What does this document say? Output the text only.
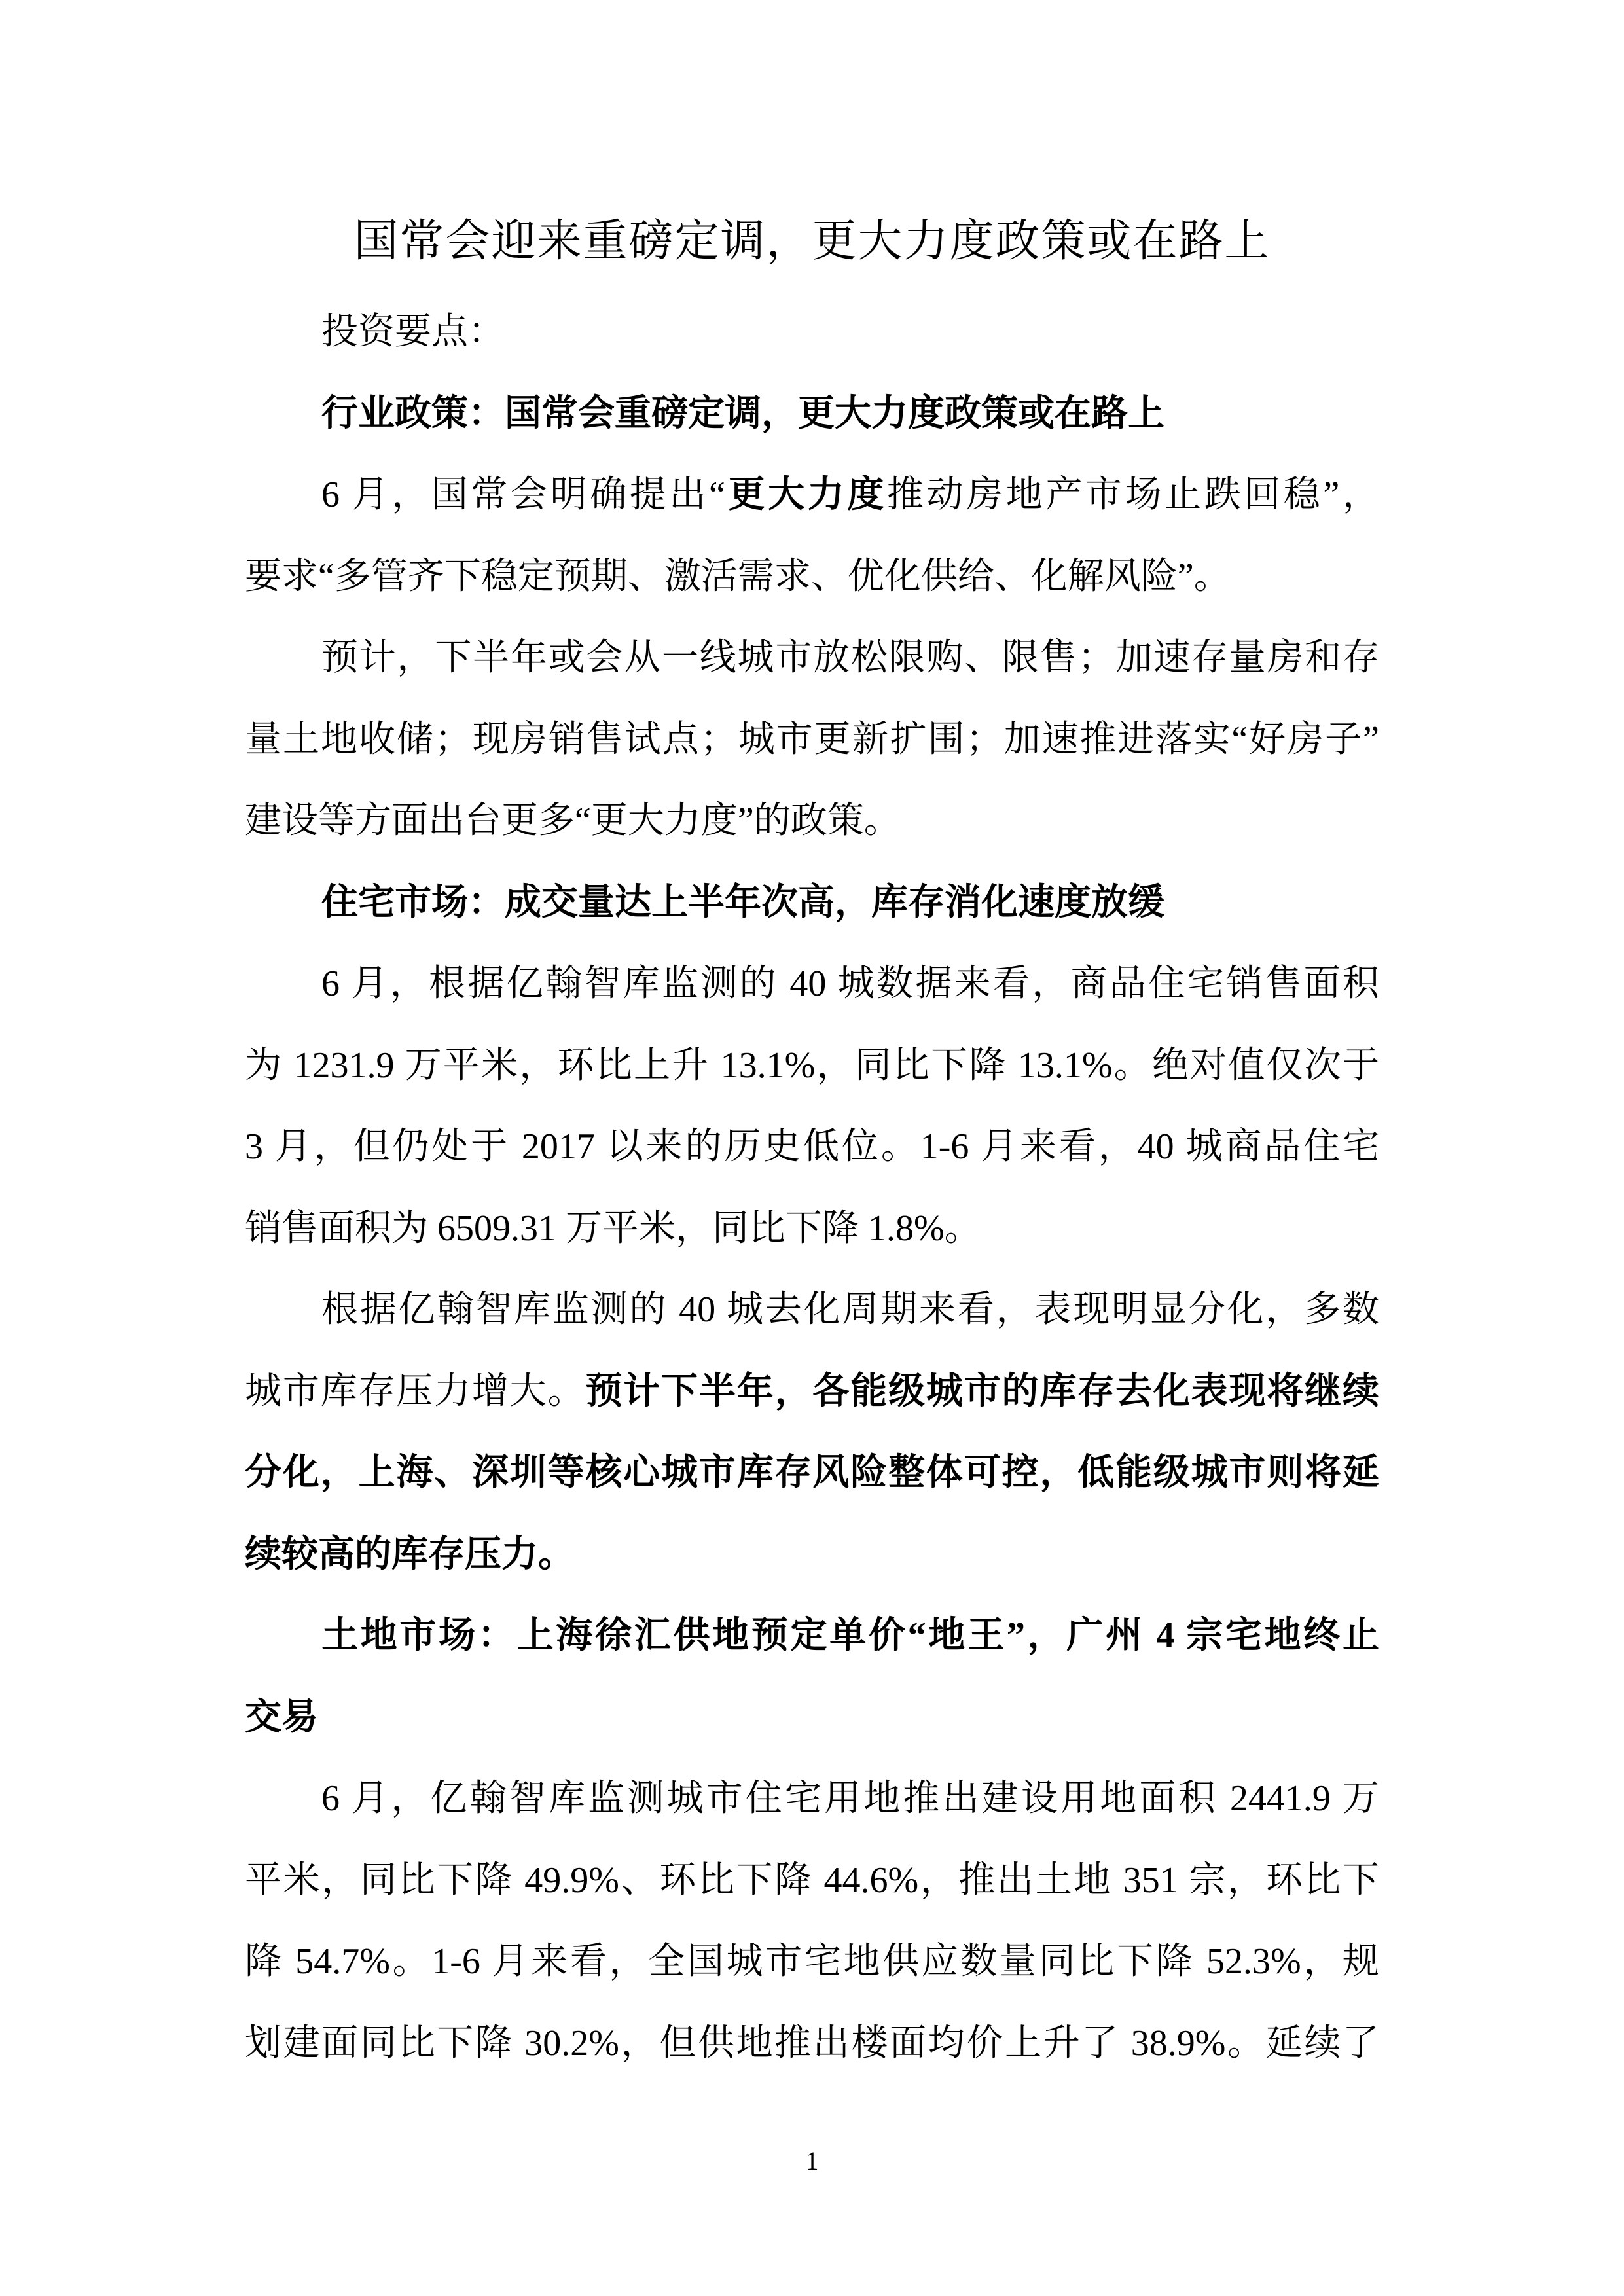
国常会迎来重磅定调，更大力度政策或在路上
投资要点：
行业政策：国常会重磅定调，更大力度政策或在路上
6 月，国常会明确提出“更大力度推动房地产市场止跌回稳”，
要求“多管齐下稳定预期、激活需求、优化供给、化解风险”。
预计，下半年或会从一线城市放松限购、限售；加速存量房和存
量土地收储；现房销售试点；城市更新扩围；加速推进落实“好房子”
建设等方面出台更多“更大力度”的政策。
住宅市场：成交量达上半年次高，库存消化速度放缓
6 月，根据亿翰智库监测的 40 城数据来看，商品住宅销售面积
为 1231.9 万平米，环比上升 13.1%，同比下降 13.1%。绝对值仅次于
3 月，但仍处于 2017 以来的历史低位。1-6 月来看，40 城商品住宅
销售面积为 6509.31 万平米，同比下降 1.8%。
根据亿翰智库监测的 40 城去化周期来看，表现明显分化，多数
城市库存压力增大。预计下半年，各能级城市的库存去化表现将继续
分化，上海、深圳等核心城市库存风险整体可控，低能级城市则将延
续较高的库存压力。
土地市场：上海徐汇供地预定单价“地王”，广州 4 宗宅地终止
交易
6 月，亿翰智库监测城市住宅用地推出建设用地面积 2441.9 万
平米，同比下降 49.9%、环比下降 44.6%，推出土地 351 宗，环比下
降 54.7%。1-6 月来看，全国城市宅地供应数量同比下降 52.3%，规
划建面同比下降 30.2%，但供地推出楼面均价上升了 38.9%。延续了
1
